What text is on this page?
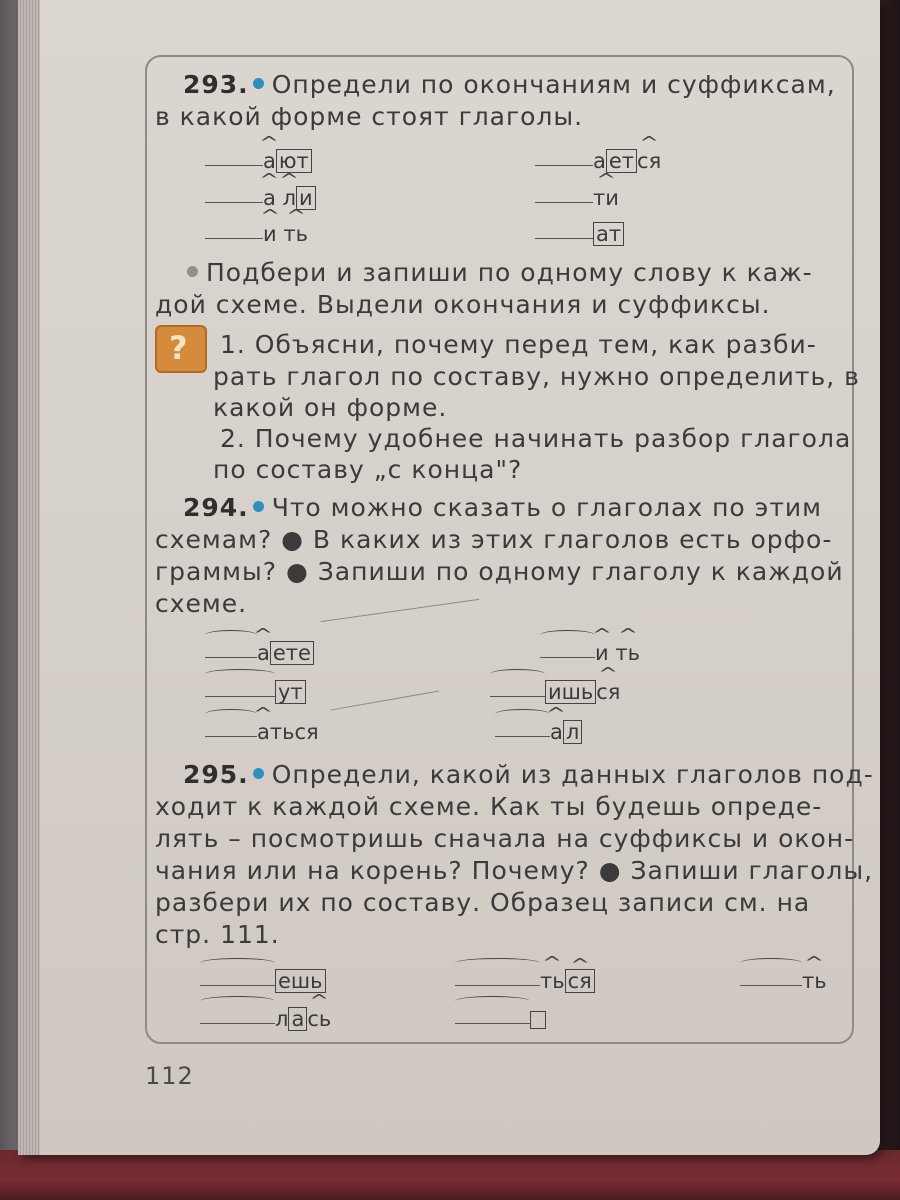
293. Определи по окончаниям и суффиксам,
в какой форме стоят глаголы.
^ а ют
^ а ^ л и
^ и ^ ть
а ет ^ ся
^ ти
ат
Подбери и запиши по одному слову к каж-
дой схеме. Выдели окончания и суффиксы.
? 1. Объясни, почему перед тем, как разби-
рать глагол по составу, нужно определить, в
какой он форме.
2. Почему удобнее начинать разбор глагола
по составу „с конца"?
294. Что можно сказать о глаголах по этим
схемам? ● В каких из этих глаголов есть орфо-
граммы? ● Запиши по одному глаголу к каждой
схеме.
^ а ете
ут
^ аться
^ и ^ ть
ишь ^ ся
^ а л
295. Определи, какой из данных глаголов под-
ходит к каждой схеме. Как ты будешь опреде-
лять – посмотришь сначала на суффиксы и окон-
чания или на корень? Почему? ● Запиши глаголы,
разбери их по составу. Образец записи см. на
стр. 111.
ешь	^ ть ^ ся	^ ть
л а ^ сь
112
